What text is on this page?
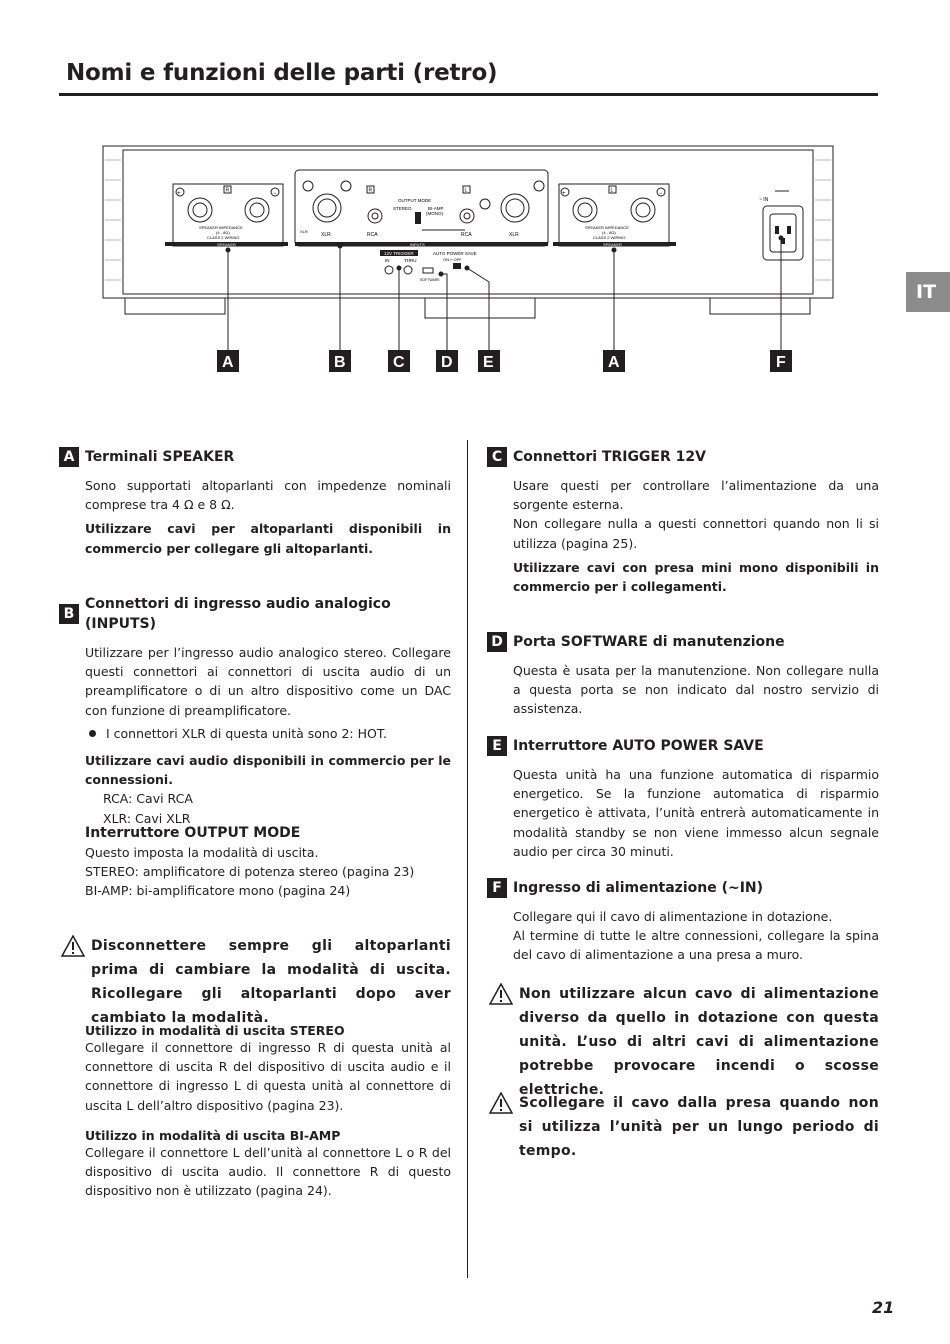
Nomi e funzioni delle parti (retro)
IT
+	−
R
SPEAKER IMPEDANCE
(4 - 8Ω)
CLASS 2 WIRING
SPEAKER	INPUTS
R	L
XLR
XLR	RCA	RCA	XLR
OUTPUT MODE
STEREO	BI-AMP
(MONO)
12V TRIGGER
IN	THRU
SOFTWARE
AUTO POWER SAVE
ON ⌐ OFF
+	−
L
SPEAKER IMPEDANCE
(4 - 8Ω)
CLASS 2 WIRING
SPEAKER
~ IN
A	B	C D E	A	F
A Terminali SPEAKER

Sono supportati altoparlanti con impedenze nominali comprese tra 4 Ω e 8 Ω.

Utilizzare cavi per altoparlanti disponibili in commercio per collegare gli altoparlanti.

B
Connettori di ingresso audio analogico (INPUTS)

Utilizzare per l’ingresso audio analogico stereo. Collegare questi connettori ai connettori di uscita audio di un preamplificatore o di un altro dispositivo come un DAC con funzione di preamplificatore.

I connettori XLR di questa unità sono 2: HOT.

Utilizzare cavi audio disponibili in commercio per le connessioni.

RCA: Cavi RCA

XLR: Cavi XLR

Interruttore OUTPUT MODE
Questo imposta la modalità di uscita.
STEREO: amplificatore di potenza stereo (pagina 23)
BI-AMP: bi-amplificatore mono (pagina 24)
Disconnettere sempre gli altoparlanti prima di cambiare la modalità di uscita. Ricollegare gli altoparlanti dopo aver cambiato la modalità.

Utilizzo in modalità di uscita STEREO

Collegare il connettore di ingresso R di questa unità al connettore di uscita R del dispositivo di uscita audio e il connettore di ingresso L di questa unità al connettore di uscita L dell’altro dispositivo (pagina 23).

Utilizzo in modalità di uscita BI-AMP

Collegare il connettore L dell’unità al connettore L o R del dispositivo di uscita audio. Il connettore R di questo dispositivo non è utilizzato (pagina 24).
C Connettori TRIGGER 12V

Usare questi per controllare l’alimentazione da una sorgente esterna.

Non collegare nulla a questi connettori quando non li si utilizza (pagina 25).

Utilizzare cavi con presa mini mono disponibili in commercio per i collegamenti.

D Porta SOFTWARE di manutenzione

Questa è usata per la manutenzione. Non collegare nulla a questa porta se non indicato dal nostro servizio di assistenza.

E Interruttore AUTO POWER SAVE

Questa unità ha una funzione automatica di risparmio energetico. Se la funzione automatica di risparmio energetico è attivata, l’unità entrerà automaticamente in modalità standby se non viene immesso alcun segnale audio per circa 30 minuti.

F Ingresso di alimentazione (~IN)

Collegare qui il cavo di alimentazione in dotazione.

Al termine di tutte le altre connessioni, collegare la spina del cavo di alimentazione a una presa a muro.

Non utilizzare alcun cavo di alimentazione diverso da quello in dotazione con questa unità. L’uso di altri cavi di alimentazione potrebbe provocare incendi o scosse elettriche.
Scollegare il cavo dalla presa quando non si utilizza l’unità per un lungo periodo di tempo.
21
